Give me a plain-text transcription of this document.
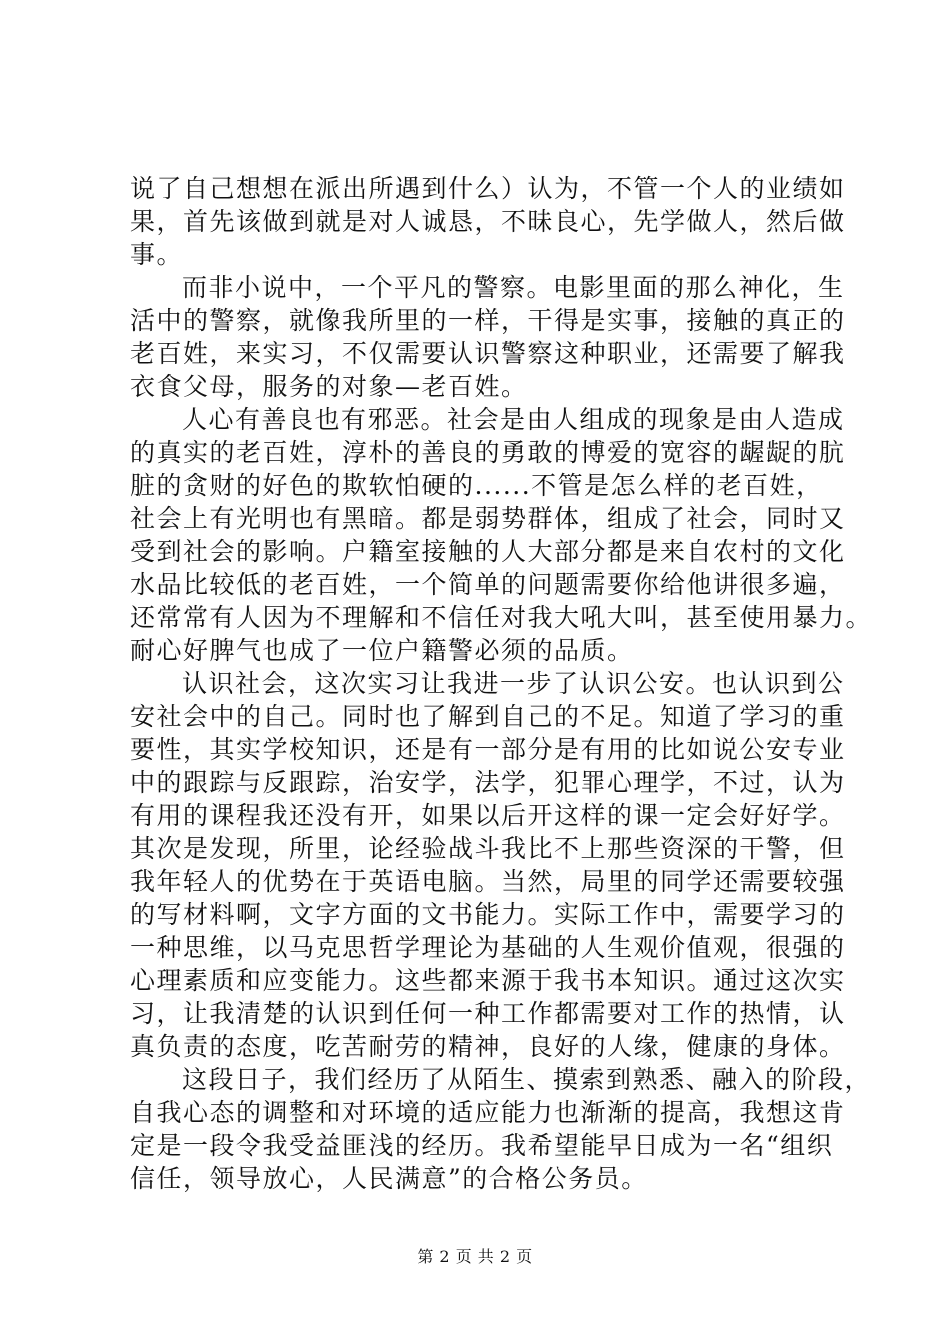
说了自己想想在派出所遇到什么）认为，不管一个人的业绩如
果，首先该做到就是对人诚恳，不昧良心，先学做人，然后做
事。
而非小说中，一个平凡的警察。电影里面的那么神化，生
活中的警察，就像我所里的一样，干得是实事，接触的真正的
老百姓，来实习，不仅需要认识警察这种职业，还需要了解我
衣食父母，服务的对象—老百姓。
人心有善良也有邪恶。社会是由人组成的现象是由人造成
的真实的老百姓，淳朴的善良的勇敢的博爱的宽容的龌龊的肮
脏的贪财的好色的欺软怕硬的......不管是怎么样的老百姓，
社会上有光明也有黑暗。都是弱势群体，组成了社会，同时又
受到社会的影响。户籍室接触的人大部分都是来自农村的文化
水品比较低的老百姓，一个简单的问题需要你给他讲很多遍，
还常常有人因为不理解和不信任对我大吼大叫，甚至使用暴力。
耐心好脾气也成了一位户籍警必须的品质。
认识社会，这次实习让我进一步了认识公安。也认识到公
安社会中的自己。同时也了解到自己的不足。知道了学习的重
要性，其实学校知识，还是有一部分是有用的比如说公安专业
中的跟踪与反跟踪，治安学，法学，犯罪心理学，不过，认为
有用的课程我还没有开，如果以后开这样的课一定会好好学。
其次是发现，所里，论经验战斗我比不上那些资深的干警，但
我年轻人的优势在于英语电脑。当然，局里的同学还需要较强
的写材料啊，文字方面的文书能力。实际工作中，需要学习的
一种思维，以马克思哲学理论为基础的人生观价值观，很强的
心理素质和应变能力。这些都来源于我书本知识。通过这次实
习，让我清楚的认识到任何一种工作都需要对工作的热情，认
真负责的态度，吃苦耐劳的精神，良好的人缘，健康的身体。
这段日子，我们经历了从陌生、摸索到熟悉、融入的阶段，
自我心态的调整和对环境的适应能力也渐渐的提高，我想这肯
定是一段令我受益匪浅的经历。我希望能早日成为一名“组织
信任，领导放心，人民满意”的合格公务员。
第 2 页 共 2 页
